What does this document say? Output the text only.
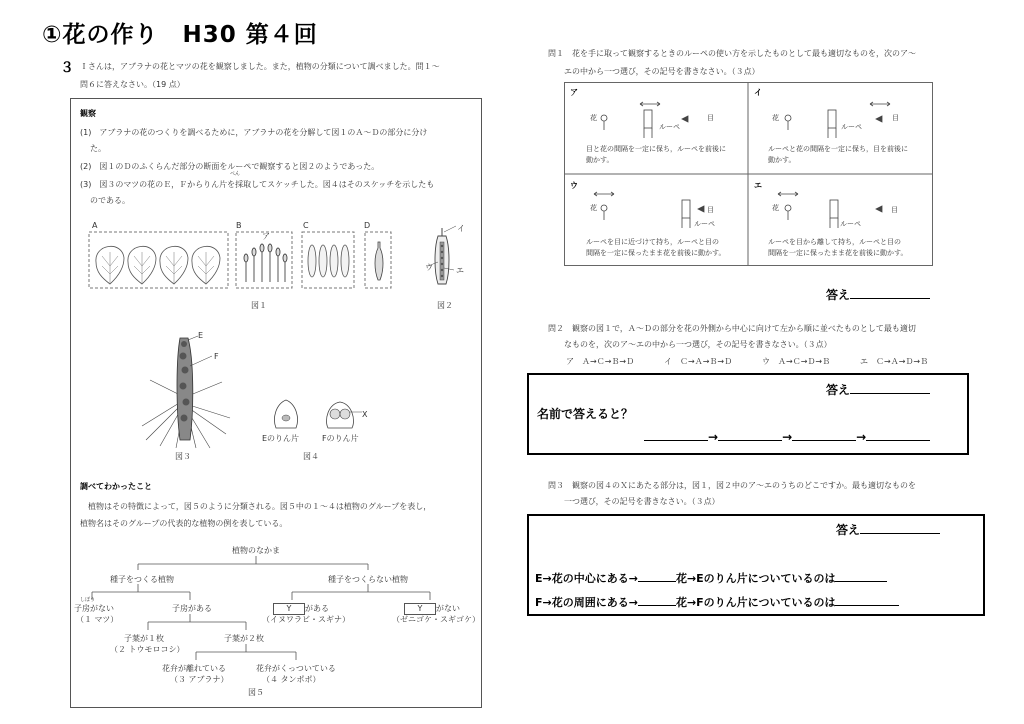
①花の作り　H30 第４回
３ Ｉさんは，アブラナの花とマツの花を観察しました。また，植物の分類について調べました。問１～
問６に答えなさい。（19 点）
観察
(1)　アブラナの花のつくりを調べるために，アブラナの花を分解して図１のＡ～Ｄの部分に分け
た。
(2)　図１のＤのふくらんだ部分の断面をルーペで観察すると図２のようであった。
(3)　図３のマツの花のＥ，Ｆからりん片を採取してスケッチした。図４はそのスケッチを示したも
ぺん
のである。
A	B	C	D
ア
図１
イ
ウ	エ
図２
E
F
図３
X
Eのりん片	Fのりん片
図４
調べてわかったこと
植物はその特徴によって，図５のように分類される。図５中の１～４は植物のグループを表し，
植物名はそのグループの代表的な植物の例を表している。
植物のなかま
種子をつくる植物	種子をつくらない植物
しぼう
子房がない
（１ マツ）
子房がある	Y がある
（イヌワラビ・スギナ）
Y がない
（ゼニゴケ・スギゴケ）
子葉が１枚
（２ トウモロコシ）
子葉が２枚
花弁が離れている
（３ アブラナ）
花弁がくっついている
（４ タンポポ）
図５
問１　花を手に取って観察するときのルーペの使い方を示したものとして最も適切なものを，次のア～
エの中から一つ選び，その記号を書きなさい。（３点）
ア
花
ルーペ
目
目と花の間隔を一定に保ち，ルーペを前後に
動かす。
イ
花
ルーペ
目
ルーペと花の間隔を一定に保ち，目を前後に
動かす。
ウ
花
ルーペ
目
ルーペを目に近づけて持ち，ルーペと目の
間隔を一定に保ったまま花を前後に動かす。
エ
花
ルーペ
目
ルーペを目から離して持ち，ルーペと目の
間隔を一定に保ったまま花を前後に動かす。
答え
問２　観察の図１で，Ａ～Ｄの部分を花の外側から中心に向けて左から順に並べたものとして最も適切
なものを，次のア～エの中から一つ選び，その記号を書きなさい。（３点）
ア　Ａ→Ｃ→Ｂ→Ｄ	イ　Ｃ→Ａ→Ｂ→Ｄ	ウ　Ａ→Ｃ→Ｄ→Ｂ	エ　Ｃ→Ａ→Ｄ→Ｂ
答え
名前で答えると？
→	→	→
問３　観察の図４のＸにあたる部分は，図１，図２中のア～エのうちのどこですか。最も適切なものを
一つ選び，その記号を書きなさい。（３点）
答え
E→花の中心にある→	花→Eのりん片についているのは
F→花の周囲にある→	花→Fのりん片についているのは
